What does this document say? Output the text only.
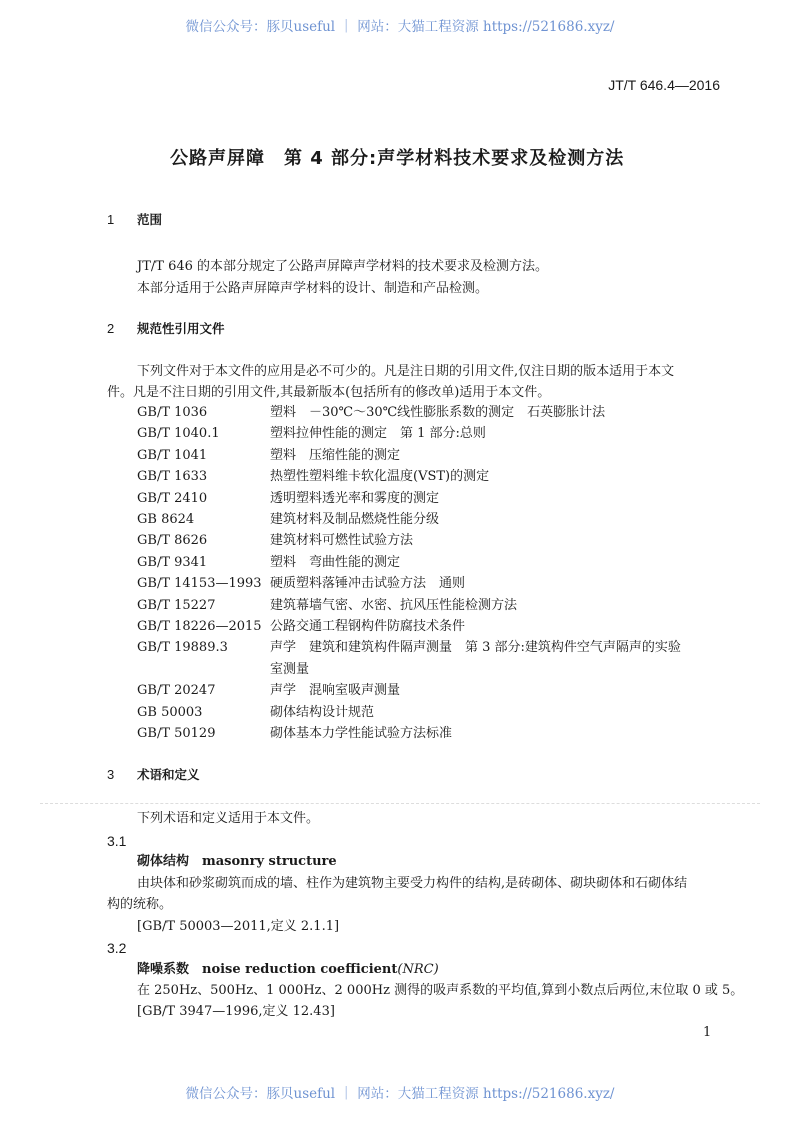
微信公众号：豚贝useful ｜ 网站：大猫工程资源 https://521686.xyz/
JT/T 646.4—2016
公路声屏障　第 4 部分:声学材料技术要求及检测方法
1 范围
JT/T 646 的本部分规定了公路声屏障声学材料的技术要求及检测方法。
本部分适用于公路声屏障声学材料的设计、制造和产品检测。
2 规范性引用文件
下列文件对于本文件的应用是必不可少的。凡是注日期的引用文件,仅注日期的版本适用于本文
件。凡是不注日期的引用文件,其最新版本(包括所有的修改单)适用于本文件。
GB/T 1036	塑料　－30℃～30℃线性膨胀系数的测定　石英膨胀计法
GB/T 1040.1	塑料拉伸性能的测定　第 1 部分:总则
GB/T 1041	塑料　压缩性能的测定
GB/T 1633	热塑性塑料维卡软化温度(VST)的测定
GB/T 2410	透明塑料透光率和雾度的测定
GB 8624	建筑材料及制品燃烧性能分级
GB/T 8626	建筑材料可燃性试验方法
GB/T 9341	塑料　弯曲性能的测定
GB/T 14153—1993 硬质塑料落锤冲击试验方法　通则
GB/T 15227	建筑幕墙气密、水密、抗风压性能检测方法
GB/T 18226—2015 公路交通工程钢构件防腐技术条件
GB/T 19889.3	声学　建筑和建筑构件隔声测量　第 3 部分:建筑构件空气声隔声的实验
室测量
GB/T 20247	声学　混响室吸声测量
GB 50003	砌体结构设计规范
GB/T 50129	砌体基本力学性能试验方法标准
3 术语和定义
下列术语和定义适用于本文件。
3.1
砌体结构　masonry structure
由块体和砂浆砌筑而成的墙、柱作为建筑物主要受力构件的结构,是砖砌体、砌块砌体和石砌体结
构的统称。
[GB/T 50003—2011,定义 2.1.1]
3.2
降噪系数　noise reduction coefficient(NRC)
在 250Hz、500Hz、1 000Hz、2 000Hz 测得的吸声系数的平均值,算到小数点后两位,末位取 0 或 5。
[GB/T 3947—1996,定义 12.43]
1
微信公众号：豚贝useful ｜ 网站：大猫工程资源 https://521686.xyz/
